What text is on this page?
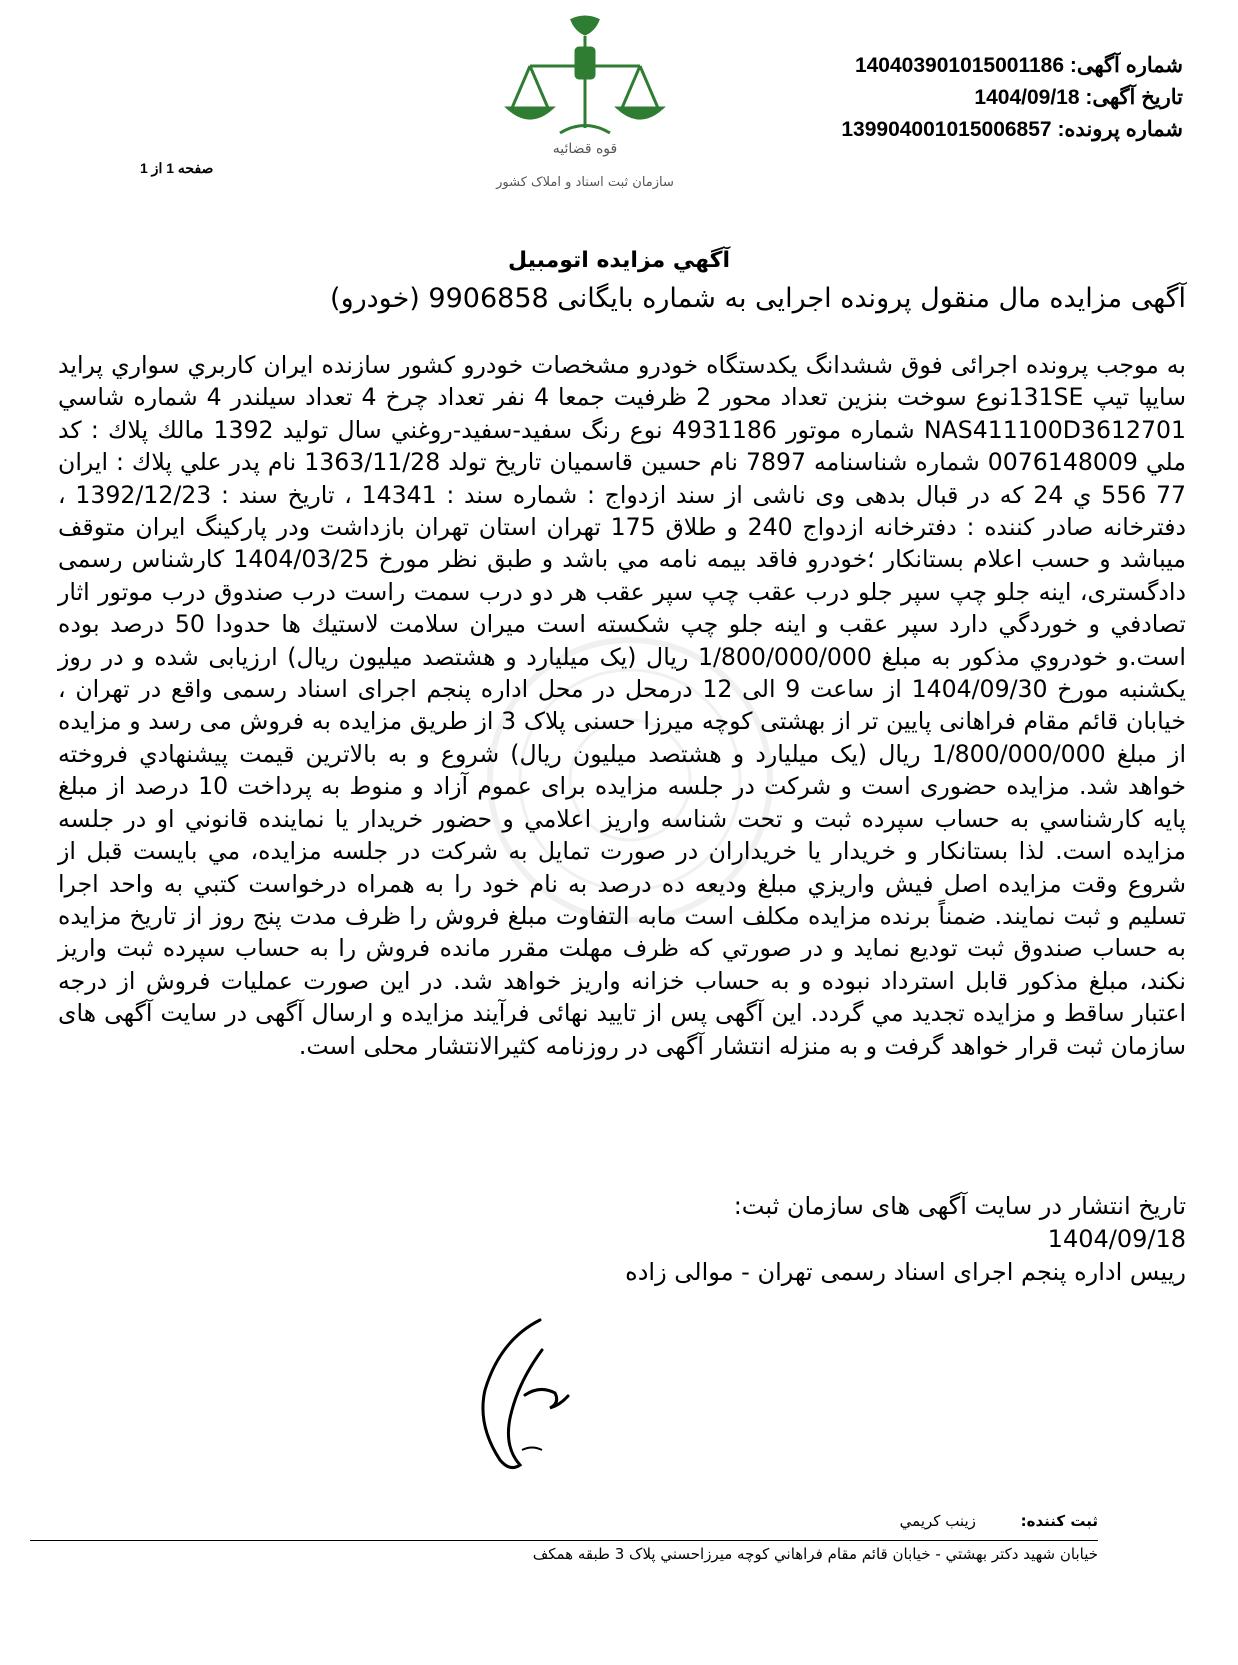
شماره آگهی: 14040390101500​1186
تاریخ آگهی: 1404/09/18
شماره پرونده: 13990400101500​6857
صفحه 1 از 1
قوه قضائيه
سازمان ثبت اسناد و املاک کشور
آگهي مزايده اتومبيل
آگهی مزایده مال منقول پرونده اجرایی به شماره بایگانی 9906858 (خودرو)
به موجب پرونده اجرائی فوق ششدانگ يكدستگاه خودرو مشخصات خودرو كشور سازنده ايران كاربري سواري پرايد سايپا تيپ 131SEنوع سوخت بنزين تعداد محور 2 ظرفيت جمعا 4 نفر تعداد چرخ 4 تعداد سيلندر 4 شماره شاسي NAS411100D3612701 شماره موتور 4931186 نوع رنگ سفيد-سفيد-روغني سال توليد 1392 مالك پلاك : كد ملي 0076148009 شماره شناسنامه 7897 نام حسين قاسميان تاريخ تولد 1363/11/28 نام پدر علي پلاك : ايران 77 556 ي 24 كه در قبال بدهی وی ناشی از سند ازدواج : شماره سند : 14341 ، تاريخ سند : 1392/12/23 ، دفترخانه صادر كننده : دفترخانه ازدواج 240 و طلاق 175 تهران استان تهران بازداشت ودر پاركينگ ايران متوقف ميباشد و حسب اعلام بستانكار ؛خودرو فاقد بيمه نامه مي باشد و طبق نظر مورخ 1404/03/25 كارشناس رسمی دادگستری، اينه جلو چپ سپر جلو درب عقب چپ سپر عقب هر دو درب سمت راست درب صندوق درب موتور اثار تصادفي و خوردگي دارد سپر عقب و اينه جلو چپ شكسته است ميران سلامت لاستيك ها حدودا 50 درصد بوده است.و خودروي مذكور به مبلغ 1/800/000/000 ريال (يک ميليارد و هشتصد ميليون ريال) ارزيابی شده و در روز يكشنبه مورخ 1404/09/30 از ساعت 9 الی 12 درمحل در محل اداره پنجم اجرای اسناد رسمی واقع در تهران ، خيابان قائم مقام فراهانی پايين تر از بهشتی كوچه ميرزا حسنی پلاک 3 از طريق مزايده به فروش می رسد و مزايده از مبلغ 1/800/000/000 ريال (يک ميليارد و هشتصد ميليون ريال) شروع و به بالاترين قيمت پيشنهادي فروخته خواهد شد. مزايده حضوری است و شركت در جلسه مزايده برای عموم آزاد و منوط به پرداخت 10 درصد از مبلغ پايه كارشناسي به حساب سپرده ثبت و تحت شناسه واريز اعلامي و حضور خريدار يا نماينده قانوني او در جلسه مزايده است. لذا بستانكار و خريدار يا خريداران در صورت تمايل به شركت در جلسه مزايده، مي بايست قبل از شروع وقت مزايده اصل فيش واريزي مبلغ وديعه ده درصد به نام خود را به همراه درخواست كتبي به واحد اجرا تسليم و ثبت نمايند. ضمناً برنده مزايده مكلف است مابه التفاوت مبلغ فروش را ظرف مدت پنج روز از تاريخ مزايده به حساب صندوق ثبت توديع نمايد و در صورتي كه ظرف مهلت مقرر مانده فروش را به حساب سپرده ثبت واريز نكند، مبلغ مذكور قابل استرداد نبوده و به حساب خزانه واريز خواهد شد. در اين صورت عمليات فروش از درجه اعتبار ساقط و مزايده تجديد مي گردد. اين آگهی پس از تاييد نهائی فرآيند مزايده و ارسال آگهی در سايت آگهی های سازمان ثبت قرار خواهد گرفت و به منزله انتشار آگهی در روزنامه كثيرالانتشار محلی است.
تاريخ انتشار در سايت آگهی های سازمان ثبت:
1404/09/18
رييس اداره پنجم اجرای اسناد رسمی تهران - موالی زاده
ثبت كننده: زينب كريمي
خيابان شهيد دكتر بهشتي - خيابان قائم مقام فراهاني كوچه ميرزاحسني پلاک 3 طبقه همكف
